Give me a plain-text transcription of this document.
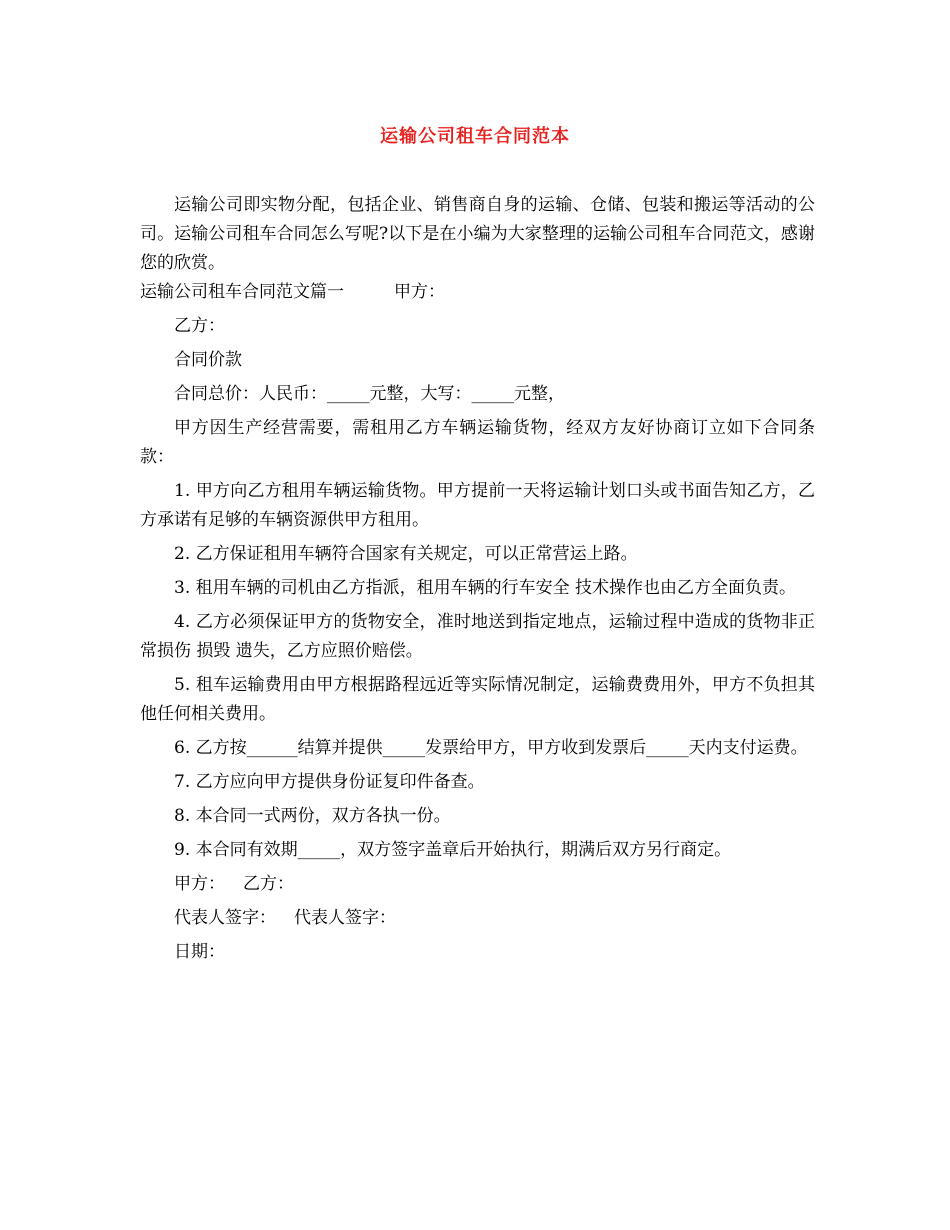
运输公司租车合同范本

运输公司即实物分配，包括企业、销售商自身的运输、仓储、包装和搬运等活动的公司。运输公司租车合同怎么写呢?以下是在小编为大家整理的运输公司租车合同范文，感谢您的欣赏。

运输公司租车合同范文篇一	甲方：

乙方：

合同价款

合同总价：人民币：_____元整，大写：_____元整，

甲方因生产经营需要，需租用乙方车辆运输货物，经双方友好协商订立如下合同条款：

1. 甲方向乙方租用车辆运输货物。甲方提前一天将运输计划口头或书面告知乙方，乙方承诺有足够的车辆资源供甲方租用。

2. 乙方保证租用车辆符合国家有关规定，可以正常营运上路。

3. 租用车辆的司机由乙方指派，租用车辆的行车安全 技术操作也由乙方全面负责。

4. 乙方必须保证甲方的货物安全，准时地送到指定地点，运输过程中造成的货物非正常损伤 损毁 遗失，乙方应照价赔偿。

5. 租车运输费用由甲方根据路程远近等实际情况制定，运输费费用外，甲方不负担其他任何相关费用。

6. 乙方按______结算并提供_____发票给甲方，甲方收到发票后_____天内支付运费。

7. 乙方应向甲方提供身份证复印件备查。

8. 本合同一式两份，双方各执一份。

9. 本合同有效期_____，双方签字盖章后开始执行，期满后双方另行商定。

甲方： 乙方：

代表人签字： 代表人签字：

日期：
